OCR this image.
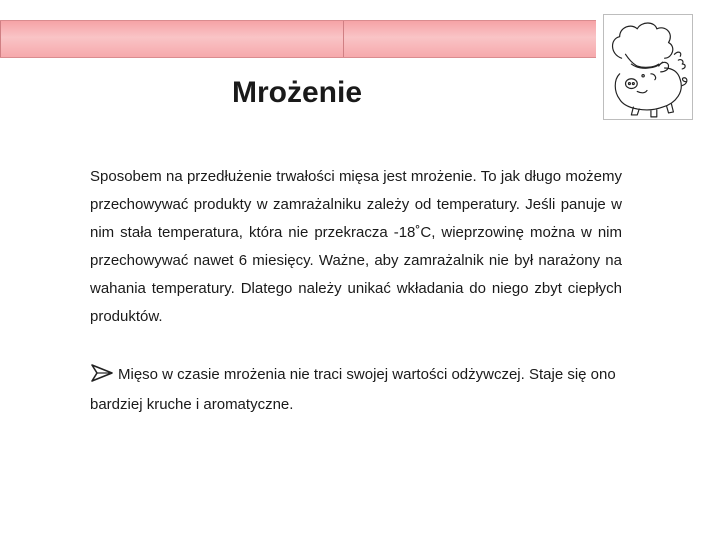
Mrożenie
Sposobem na przedłużenie trwałości mięsa jest mrożenie. To jak długo możemy przechowywać produkty w zamrażalniku zależy od temperatury. Jeśli panuje w nim stała temperatura, która nie przekracza -18˚C, wieprzowinę można w nim przechowywać nawet 6 miesięcy. Ważne, aby zamrażalnik nie był narażony na wahania temperatury. Dlatego należy unikać wkładania do niego zbyt ciepłych produktów.
Mięso w czasie mrożenia nie traci swojej wartości odżywczej. Staje się ono bardziej kruche i aromatyczne.
